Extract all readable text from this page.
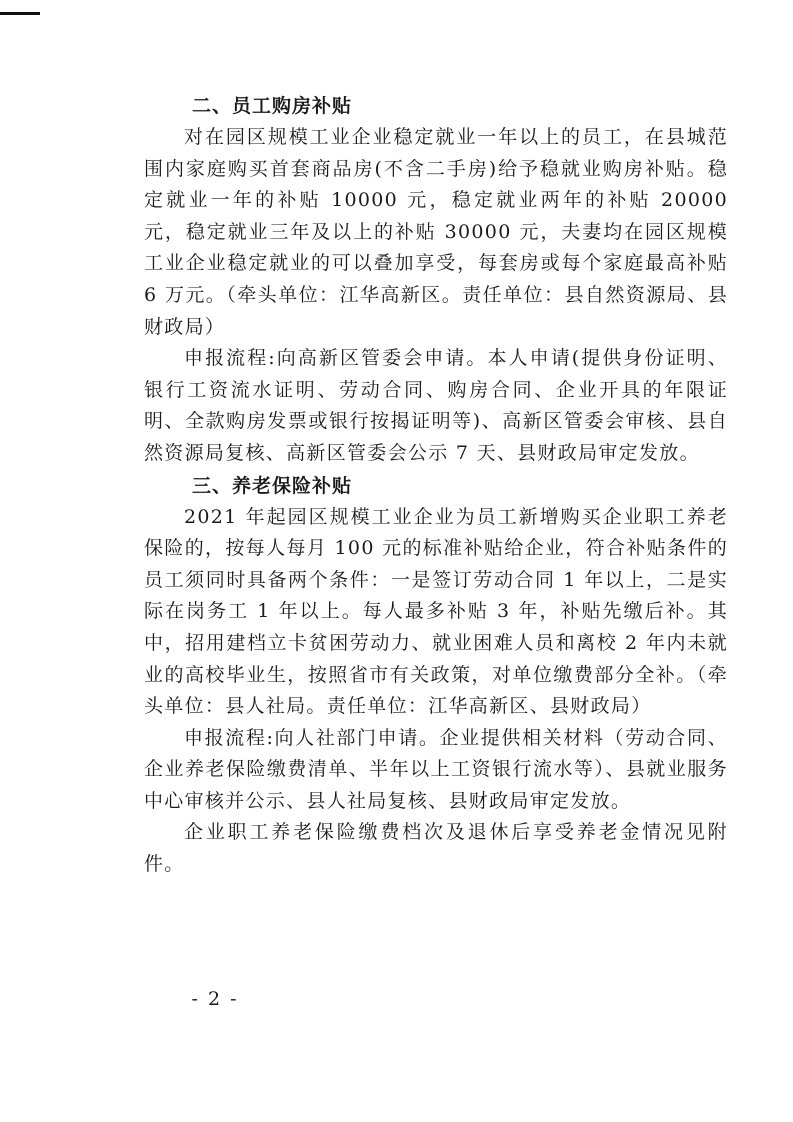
二、员工购房补贴

对在园区规模工业企业稳定就业一年以上的员工，在县城范围内家庭购买首套商品房(不含二手房)给予稳就业购房补贴。稳定就业一年的补贴 10000 元，稳定就业两年的补贴 20000 元，稳定就业三年及以上的补贴 30000 元，夫妻均在园区规模工业企业稳定就业的可以叠加享受，每套房或每个家庭最高补贴 6 万元。（牵头单位：江华高新区。责任单位：县自然资源局、县财政局）

申报流程:向高新区管委会申请。本人申请(提供身份证明、银行工资流水证明、劳动合同、购房合同、企业开具的年限证明、全款购房发票或银行按揭证明等)、高新区管委会审核、县自然资源局复核、高新区管委会公示 7 天、县财政局审定发放。

三、养老保险补贴

2021 年起园区规模工业企业为员工新增购买企业职工养老保险的，按每人每月 100 元的标准补贴给企业，符合补贴条件的员工须同时具备两个条件：一是签订劳动合同 1 年以上，二是实际在岗务工 1 年以上。每人最多补贴 3 年，补贴先缴后补。其中，招用建档立卡贫困劳动力、就业困难人员和离校 2 年内未就业的高校毕业生，按照省市有关政策，对单位缴费部分全补。（牵头单位：县人社局。责任单位：江华高新区、县财政局）

申报流程:向人社部门申请。企业提供相关材料（劳动合同、企业养老保险缴费清单、半年以上工资银行流水等）、县就业服务中心审核并公示、县人社局复核、县财政局审定发放。

企业职工养老保险缴费档次及退休后享受养老金情况见附件。

- 2 -
